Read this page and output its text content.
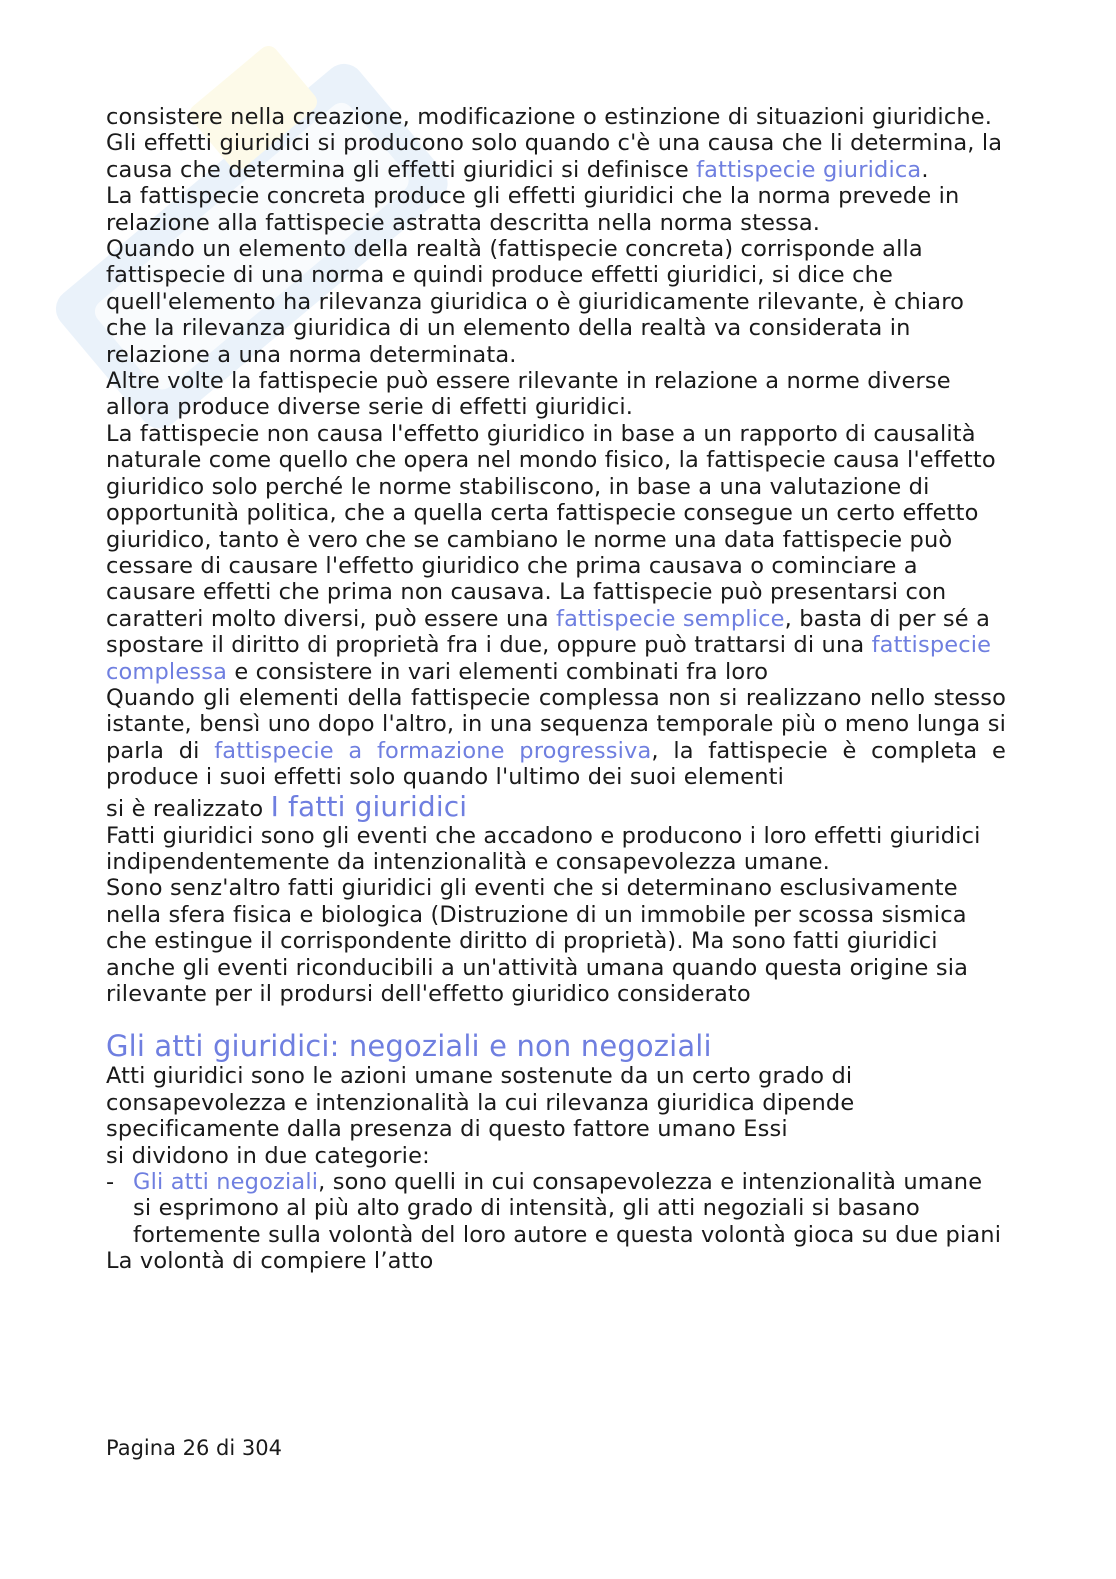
consistere nella creazione, modificazione o estinzione di situazioni giuridiche.

Gli effetti giuridici si producono solo quando c'è una causa che li determina, la causa che determina gli effetti giuridici si definisce fattispecie giuridica.

La fattispecie concreta produce gli effetti giuridici che la norma prevede in relazione alla fattispecie astratta descritta nella norma stessa.

Quando un elemento della realtà (fattispecie concreta) corrisponde alla fattispecie di una norma e quindi produce effetti giuridici, si dice che quell'elemento ha rilevanza giuridica o è giuridicamente rilevante, è chiaro che la rilevanza giuridica di un elemento della realtà va considerata in relazione a una norma determinata.

Altre volte la fattispecie può essere rilevante in relazione a norme diverse allora produce diverse serie di effetti giuridici.

La fattispecie non causa l'effetto giuridico in base a un rapporto di causalità naturale come quello che opera nel mondo fisico, la fattispecie causa l'effetto giuridico solo perché le norme stabiliscono, in base a una valutazione di opportunità politica, che a quella certa fattispecie consegue un certo effetto giuridico, tanto è vero che se cambiano le norme una data fattispecie può cessare di causare l'effetto giuridico che prima causava o cominciare a causare effetti che prima non causava. La fattispecie può presentarsi con caratteri molto diversi, può essere una fattispecie semplice, basta di per sé a spostare il diritto di proprietà fra i due, oppure può trattarsi di una fattispecie complessa e consistere in vari elementi combinati fra loro

Quando gli elementi della fattispecie complessa non si realizzano nello stesso istante, bensì uno dopo l'altro, in una sequenza temporale più o meno lunga si parla di fattispecie a formazione progressiva, la fattispecie è completa e produce i suoi effetti solo quando l'ultimo dei suoi elementi

si è realizzato I fatti giuridici

Fatti giuridici sono gli eventi che accadono e producono i loro effetti giuridici indipendentemente da intenzionalità e consapevolezza umane.

Sono senz'altro fatti giuridici gli eventi che si determinano esclusivamente nella sfera fisica e biologica (Distruzione di un immobile per scossa sismica che estingue il corrispondente diritto di proprietà). Ma sono fatti giuridici anche gli eventi riconducibili a un'attività umana quando questa origine sia rilevante per il prodursi dell'effetto giuridico considerato

Gli atti giuridici: negoziali e non negoziali

Atti giuridici sono le azioni umane sostenute da un certo grado di consapevolezza e intenzionalità la cui rilevanza giuridica dipende specificamente dalla presenza di questo fattore umano Essi

si dividono in due categorie:

- Gli atti negoziali, sono quelli in cui consapevolezza e intenzionalità umane si esprimono al più alto grado di intensità, gli atti negoziali si basano fortemente sulla volontà del loro autore e questa volontà gioca su due piani

La volontà di compiere l’atto

Pagina 26 di 304
